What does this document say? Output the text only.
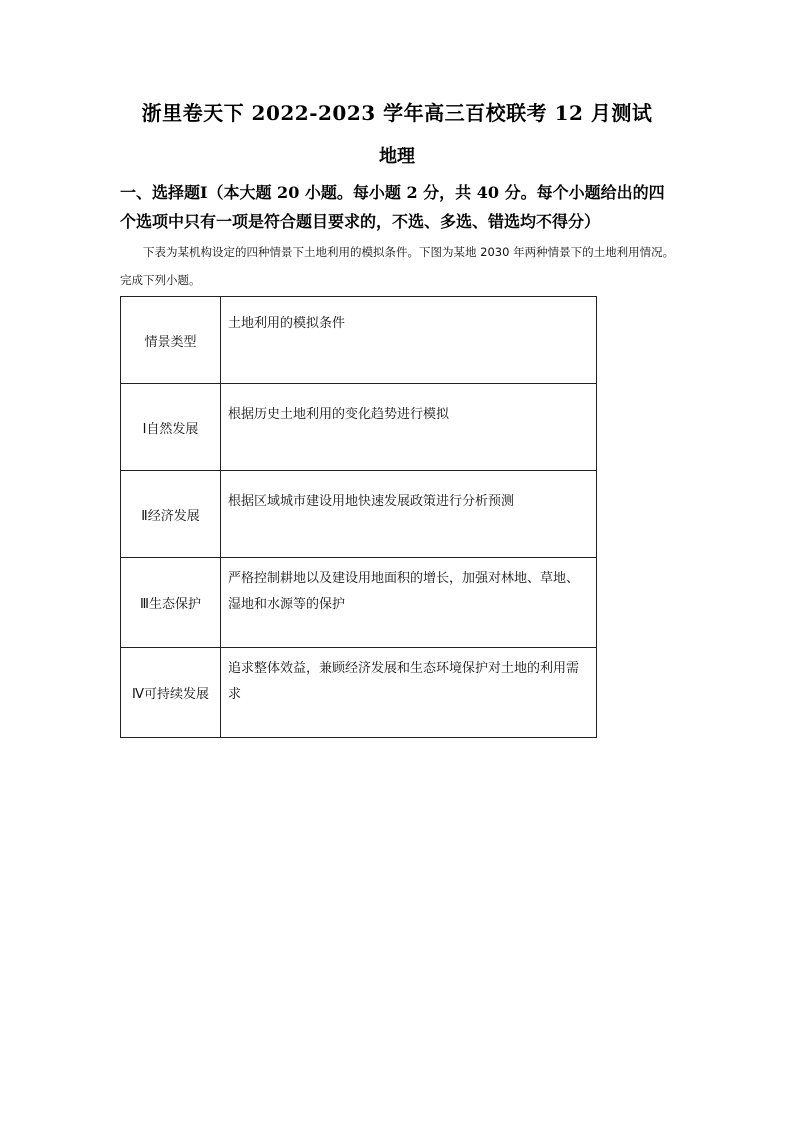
浙里卷天下 2022-2023 学年高三百校联考 12 月测试
地理
一、选择题Ⅰ（本大题 20 小题。每小题 2 分，共 40 分。每个小题给出的四个选项中只有一项是符合题目要求的，不选、多选、错选均不得分）
下表为某机构设定的四种情景下土地利用的模拟条件。下图为某地 2030 年两种情景下的土地利用情况。完成下列小题。
情景类型	土地利用的模拟条件
Ⅰ自然发展	根据历史土地利用的变化趋势进行模拟
Ⅱ经济发展	根据区域城市建设用地快速发展政策进行分析预测
Ⅲ生态保护	严格控制耕地以及建设用地面积的增长，加强对林地、草地、湿地和水源等的保护
Ⅳ可持续发展	追求整体效益，兼顾经济发展和生态环境保护对土地的利用需求
